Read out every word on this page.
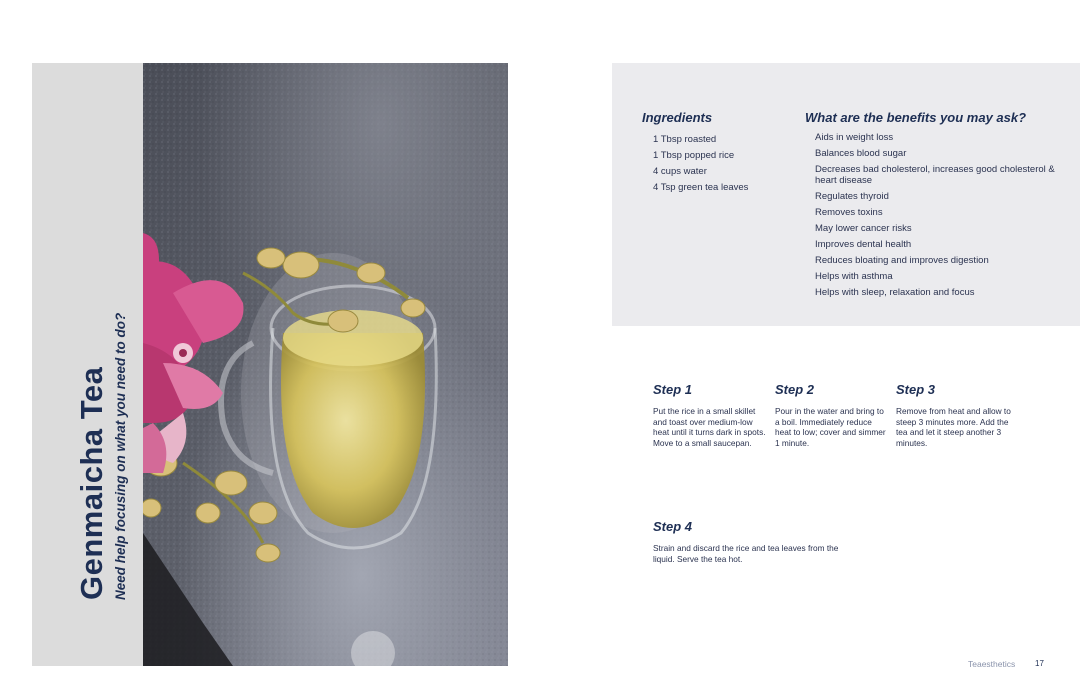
Genmaicha Tea Need help focusing on what you need to do?
Ingredients
1 Tbsp roasted
1 Tbsp popped rice
4 cups water
4 Tsp green tea leaves
What are the benefits you may ask?
Aids in weight loss
Balances blood sugar
Decreases bad cholesterol, increases good cholesterol & heart disease
Regulates thyroid
Removes toxins
May lower cancer risks
Improves dental health
Reduces bloating and improves digestion
Helps with asthma
Helps with sleep, relaxation and focus
Step 1

Put the rice in a small skillet and toast over medium-low heat until it turns dark in spots. Move to a small saucepan.

Step 2

Pour in the water and bring to a boil. Immediately reduce heat to low; cover and simmer 1 minute.

Step 3

Remove from heat and allow to steep 3 minutes more. Add the tea and let it steep another 3 minutes.

Step 4

Strain and discard the rice and tea leaves from the liquid. Serve the tea hot.

Teaesthetics 17
